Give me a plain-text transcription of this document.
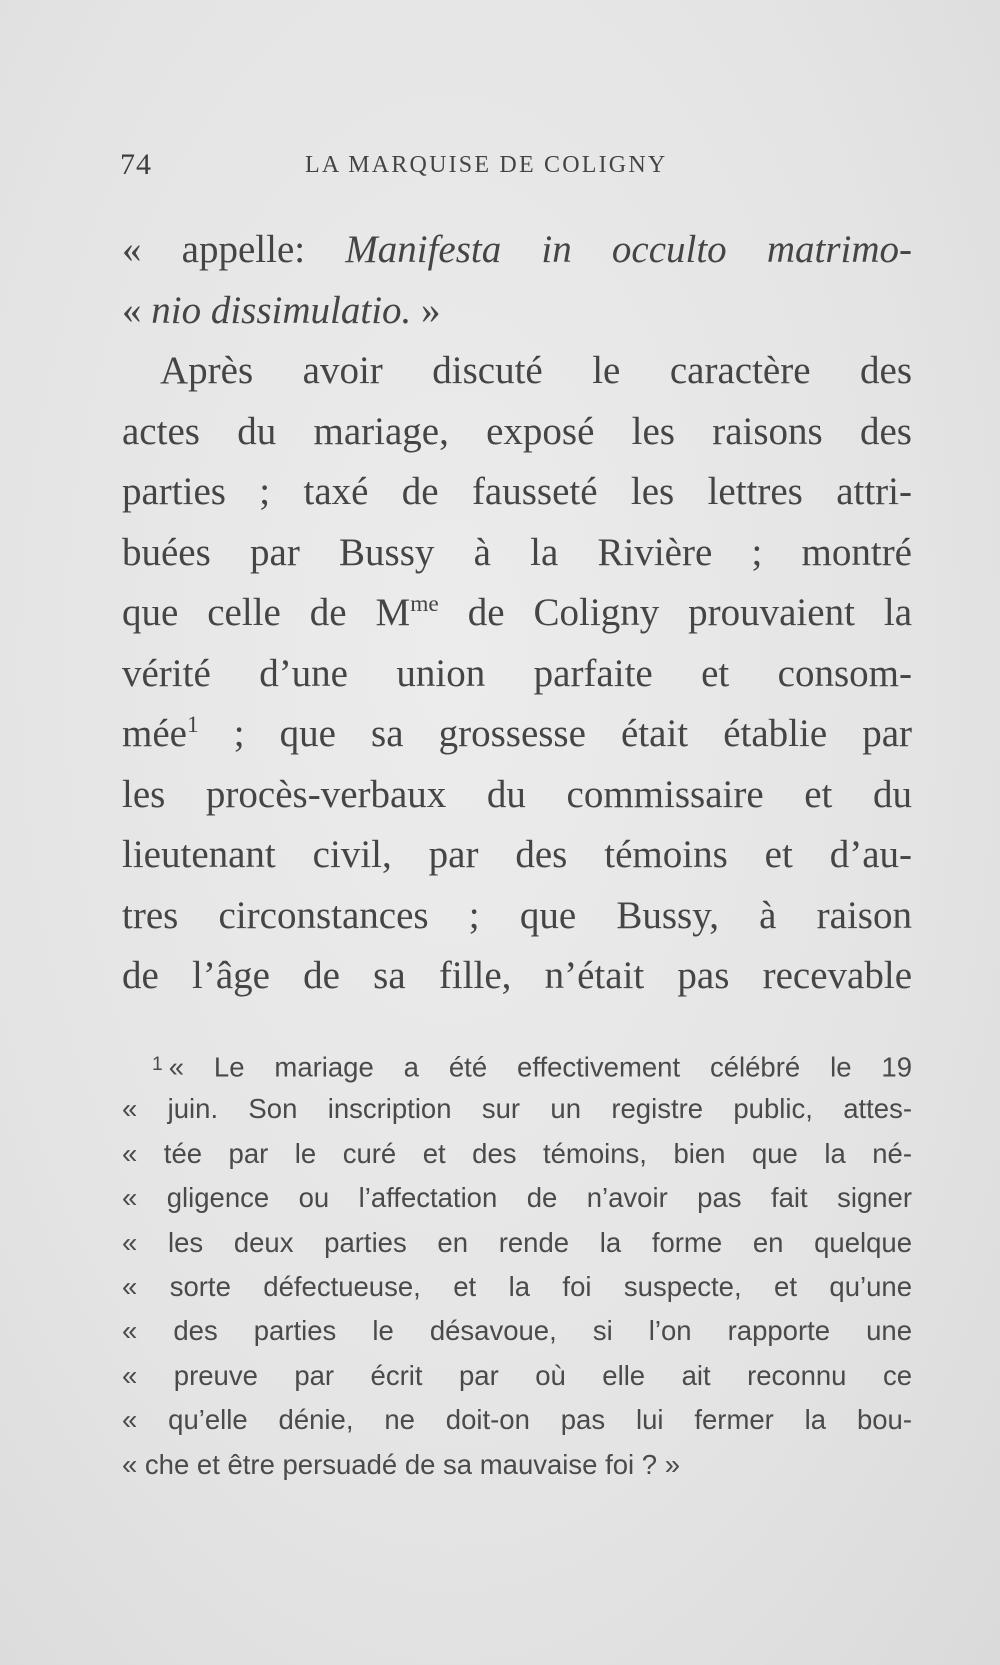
74	LA MARQUISE DE COLIGNY
« appelle: Manifesta in occulto matrimo-
« nio dissimulatio. »
Après avoir discuté le caractère des
actes du mariage, exposé les raisons des
parties ; taxé de fausseté les lettres attri-
buées par Bussy à la Rivière ; montré
que celle de $M^{me}$ de Coligny prouvaient la
vérité d’une union parfaite et consom-
mée$^1$ ; que sa grossesse était établie par
les procès-verbaux du commissaire et du
lieutenant civil, par des témoins et d’au-
tres circonstances ; que Bussy, à raison
de l’âge de sa fille, n’était pas recevable
$^1$ « Le mariage a été effectivement célébré le 19
« juin. Son inscription sur un registre public, attes-
« tée par le curé et des témoins, bien que la né-
« gligence ou l’affectation de n’avoir pas fait signer
« les deux parties en rende la forme en quelque
« sorte défectueuse, et la foi suspecte, et qu’une
« des parties le désavoue, si l’on rapporte une
« preuve par écrit par où elle ait reconnu ce
« qu’elle dénie, ne doit-on pas lui fermer la bou-
« che et être persuadé de sa mauvaise foi ? »
